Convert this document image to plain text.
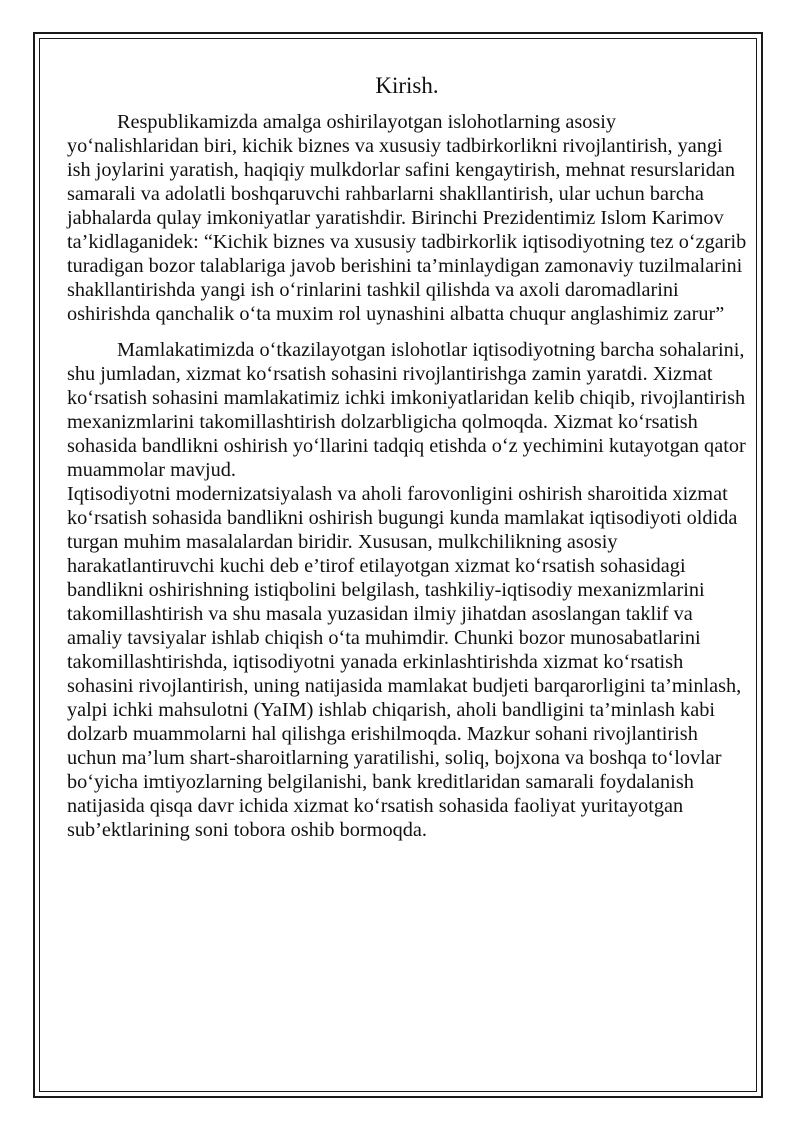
Kirish.

Respublikamizda amalga oshirilayotgan islohotlarning asosiy yo‘nalishlaridan biri, kichik biznes va xususiy tadbirkorlikni rivojlantirish, yangi ish joylarini yaratish, haqiqiy mulkdorlar safini kengaytirish, mehnat resurslaridan samarali va adolatli boshqaruvchi rahbarlarni shakllantirish, ular uchun barcha jabhalarda qulay imkoniyatlar yaratishdir. Birinchi Prezidentimiz Islom Karimov ta’kidlaganidek: “Kichik biznes va xususiy tadbirkorlik iqtisodiyotning tez o‘zgarib turadigan bozor talablariga javob berishini ta’minlaydigan zamonaviy tuzilmalarini shakllantirishda yangi ish o‘rinlarini tashkil qilishda va axoli daromadlarini oshirishda qanchalik o‘ta muxim rol uynashini albatta chuqur anglashimiz zarur”

Mamlakatimizda o‘tkazilayotgan islohotlar iqtisodiyotning barcha sohalarini, shu jumladan, xizmat ko‘rsatish sohasini rivojlantirishga zamin yaratdi. Xizmat ko‘rsatish sohasini mamlakatimiz ichki imkoniyatlaridan kelib chiqib, rivojlantirish mexanizmlarini takomillashtirish dolzarbligicha qolmoqda. Xizmat ko‘rsatish sohasida bandlikni oshirish yo‘llarini tadqiq etishda o‘z yechimini kutayotgan qator muammolar mavjud.

Iqtisodiyotni modernizatsiyalash va aholi farovonligini oshirish sharoitida xizmat ko‘rsatish sohasida bandlikni oshirish bugungi kunda mamlakat iqtisodiyoti oldida turgan muhim masalalardan biridir. Xususan, mulkchilikning asosiy harakatlantiruvchi kuchi deb e’tirof etilayotgan xizmat ko‘rsatish sohasidagi bandlikni oshirishning istiqbolini belgilash, tashkiliy-iqtisodiy mexanizmlarini takomillashtirish va shu masala yuzasidan ilmiy jihatdan asoslangan taklif va amaliy tavsiyalar ishlab chiqish o‘ta muhimdir. Chunki bozor munosabatlarini takomillashtirishda, iqtisodiyotni yanada erkinlashtirishda xizmat ko‘rsatish sohasini rivojlantirish, uning natijasida mamlakat budjeti barqarorligini ta’minlash, yalpi ichki mahsulotni (YaIM) ishlab chiqarish, aholi bandligini ta’minlash kabi dolzarb muammolarni hal qilishga erishilmoqda. Mazkur sohani rivojlantirish uchun ma’lum shart-sharoitlarning yaratilishi, soliq, bojxona va boshqa to‘lovlar bo‘yicha imtiyozlarning belgilanishi, bank kreditlaridan samarali foydalanish natijasida qisqa davr ichida xizmat ko‘rsatish sohasida faoliyat yuritayotgan sub’ektlarining soni tobora oshib bormoqda.
